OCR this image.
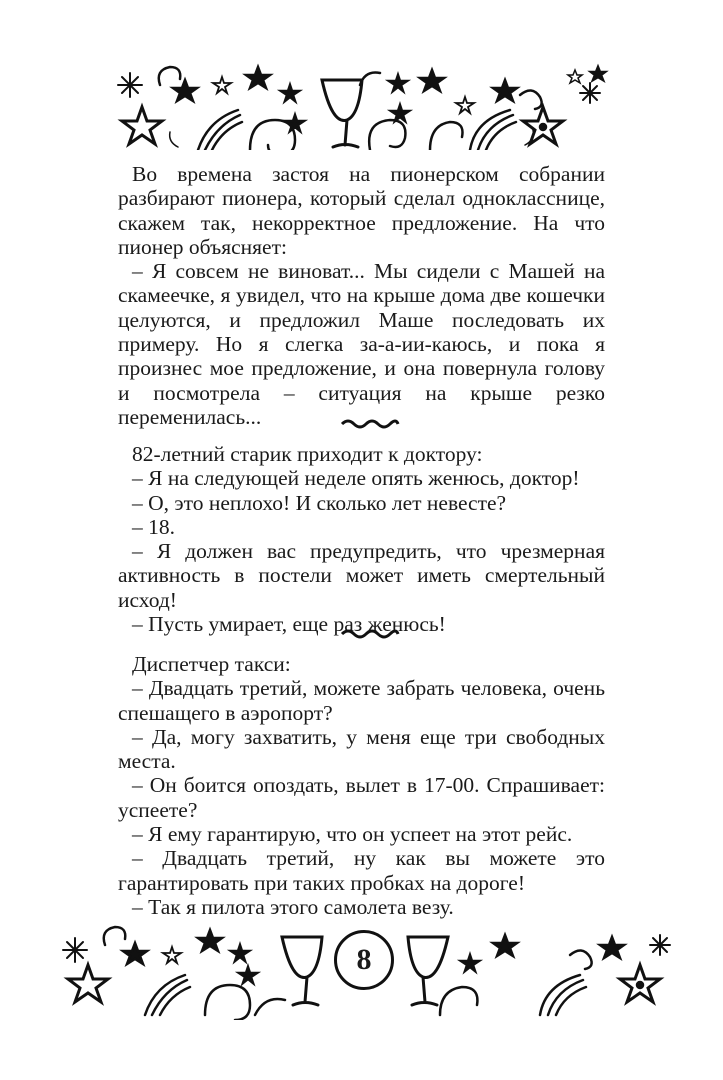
Во времена застоя на пионерском собрании разбирают пионера, который сделал однокласснице, скажем так, некорректное предложение. На что пионер объясняет:

– Я совсем не виноват... Мы сидели с Машей на скамеечке, я увидел, что на крыше дома две кошечки целуются, и предложил Маше последовать их примеру. Но я слегка за-а-ии-каюсь, и пока я произнес мое предложение, и она повернула голову и посмотрела – ситуация на крыше резко переменилась...

82-летний старик приходит к доктору:

– Я на следующей неделе опять женюсь, доктор!

– О, это неплохо! И сколько лет невесте?

– 18.

– Я должен вас предупредить, что чрезмерная активность в постели может иметь смертельный исход!

– Пусть умирает, еще раз женюсь!

Диспетчер такси:

– Двадцать третий, можете забрать человека, очень спешащего в аэропорт?

– Да, могу захватить, у меня еще три свободных места.

– Он боится опоздать, вылет в 17-00. Спрашивает: успеете?

– Я ему гарантирую, что он успеет на этот рейс.

– Двадцать третий, ну как вы можете это гарантировать при таких пробках на дороге!

– Так я пилота этого самолета везу.

8
